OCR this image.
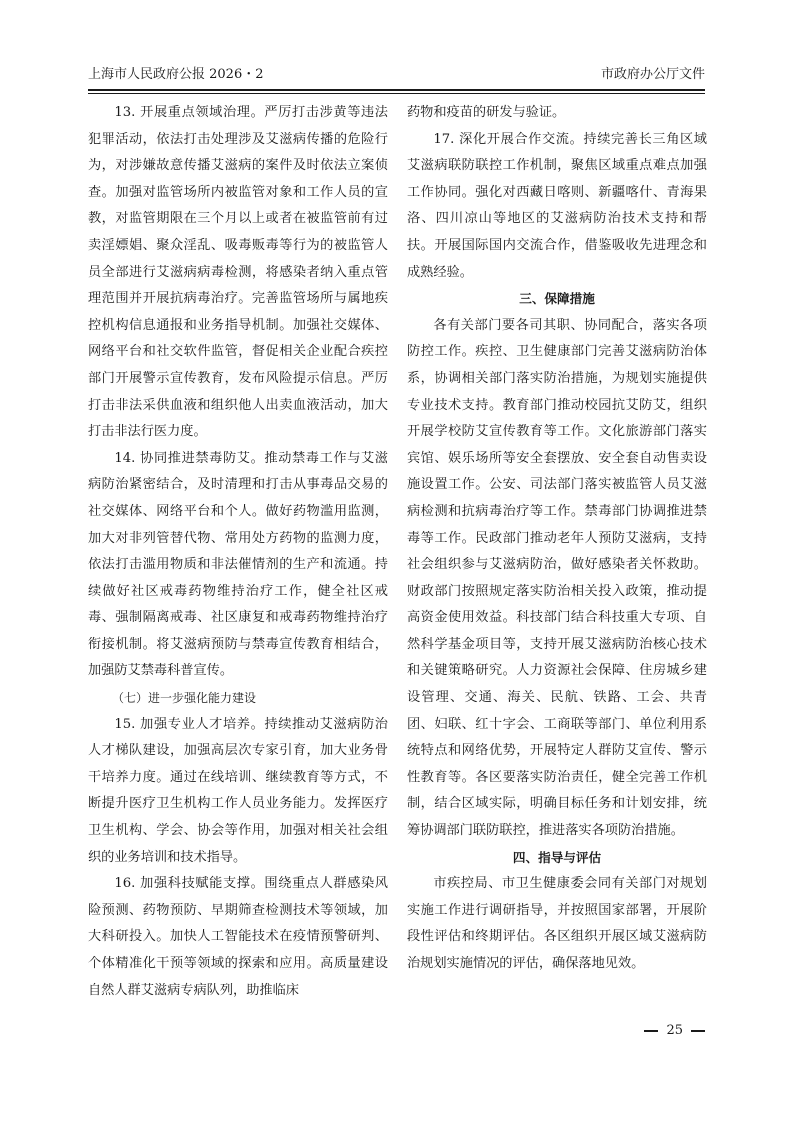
上海市人民政府公报 2026・2	市政府办公厅文件

13. 开展重点领域治理。严厉打击涉黄等违法犯罪活动，依法打击处理涉及艾滋病传播的危险行为，对涉嫌故意传播艾滋病的案件及时依法立案侦查。加强对监管场所内被监管对象和工作人员的宣教，对监管期限在三个月以上或者在被监管前有过卖淫嫖娼、聚众淫乱、吸毒贩毒等行为的被监管人员全部进行艾滋病病毒检测，将感染者纳入重点管理范围并开展抗病毒治疗。完善监管场所与属地疾控机构信息通报和业务指导机制。加强社交媒体、网络平台和社交软件监管，督促相关企业配合疾控部门开展警示宣传教育，发布风险提示信息。严厉打击非法采供血液和组织他人出卖血液活动，加大打击非法行医力度。

14. 协同推进禁毒防艾。推动禁毒工作与艾滋病防治紧密结合，及时清理和打击从事毒品交易的社交媒体、网络平台和个人。做好药物滥用监测，加大对非列管替代物、常用处方药物的监测力度，依法打击滥用物质和非法催情剂的生产和流通。持续做好社区戒毒药物维持治疗工作，健全社区戒毒、强制隔离戒毒、社区康复和戒毒药物维持治疗衔接机制。将艾滋病预防与禁毒宣传教育相结合，加强防艾禁毒科普宣传。

（七）进一步强化能力建设

15. 加强专业人才培养。持续推动艾滋病防治人才梯队建设，加强高层次专家引育，加大业务骨干培养力度。通过在线培训、继续教育等方式，不断提升医疗卫生机构工作人员业务能力。发挥医疗卫生机构、学会、协会等作用，加强对相关社会组织的业务培训和技术指导。

16. 加强科技赋能支撑。围绕重点人群感染风险预测、药物预防、早期筛查检测技术等领域，加大科研投入。加快人工智能技术在疫情预警研判、个体精准化干预等领域的探索和应用。高质量建设自然人群艾滋病专病队列，助推临床

药物和疫苗的研发与验证。

17. 深化开展合作交流。持续完善长三角区域艾滋病联防联控工作机制，聚焦区域重点难点加强工作协同。强化对西藏日喀则、新疆喀什、青海果洛、四川凉山等地区的艾滋病防治技术支持和帮扶。开展国际国内交流合作，借鉴吸收先进理念和成熟经验。

三、保障措施

各有关部门要各司其职、协同配合，落实各项防控工作。疾控、卫生健康部门完善艾滋病防治体系，协调相关部门落实防治措施，为规划实施提供专业技术支持。教育部门推动校园抗艾防艾，组织开展学校防艾宣传教育等工作。文化旅游部门落实宾馆、娱乐场所等安全套摆放、安全套自动售卖设施设置工作。公安、司法部门落实被监管人员艾滋病检测和抗病毒治疗等工作。禁毒部门协调推进禁毒等工作。民政部门推动老年人预防艾滋病，支持社会组织参与艾滋病防治，做好感染者关怀救助。财政部门按照规定落实防治相关投入政策，推动提高资金使用效益。科技部门结合科技重大专项、自然科学基金项目等，支持开展艾滋病防治核心技术和关键策略研究。人力资源社会保障、住房城乡建设管理、交通、海关、民航、铁路、工会、共青团、妇联、红十字会、工商联等部门、单位利用系统特点和网络优势，开展特定人群防艾宣传、警示性教育等。各区要落实防治责任，健全完善工作机制，结合区域实际，明确目标任务和计划安排，统筹协调部门联防联控，推进落实各项防治措施。

四、指导与评估

市疾控局、市卫生健康委会同有关部门对规划实施工作进行调研指导，并按照国家部署，开展阶段性评估和终期评估。各区组织开展区域艾滋病防治规划实施情况的评估，确保落地见效。

25
